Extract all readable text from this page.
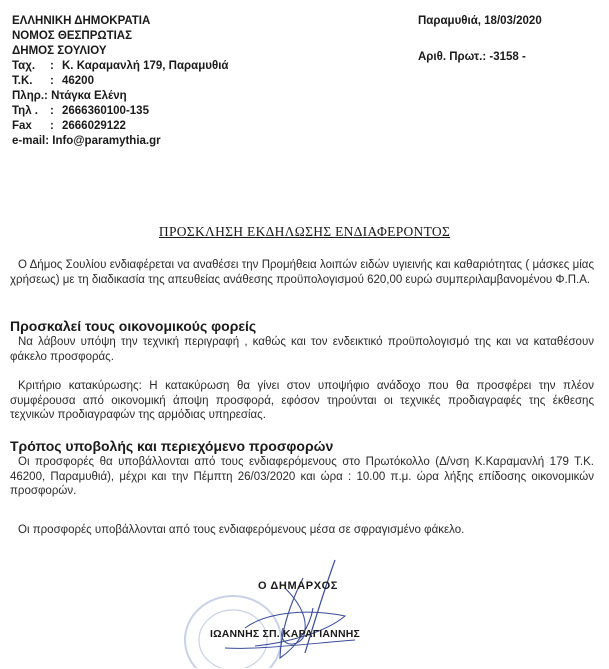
ΕΛΛΗΝΙΚΗ ΔΗΜΟΚΡΑΤΙΑ
ΝΟΜΟΣ ΘΕΣΠΡΩΤΙΑΣ
ΔΗΜΟΣ ΣΟΥΛΙΟΥ
Ταχ. : Κ. Καραμανλή 179, Παραμυθιά
Τ.Κ. : 46200
Πληρ.: Ντάγκα Ελένη
Τηλ . : 2666360100-135
Fax : 2666029122
e-mail: Info@paramythia.gr
Παραμυθιά, 18/03/2020
Αριθ. Πρωτ.: -3158 -
ΠΡΟΣΚΛΗΣΗ ΕΚΔΗΛΩΣΗΣ ΕΝΔΙΑΦΕΡΟΝΤΟΣ
Ο Δήμος Σουλίου ενδιαφέρεται να αναθέσει την Προμήθεια λοιπών ειδών υγιεινής και καθαριότητας ( μάσκες μίας χρήσεως) με τη διαδικασία της απευθείας ανάθεσης προϋπολογισμού 620,00 ευρώ συμπεριλαμβανομένου Φ.Π.Α.
Προσκαλεί τους οικονομικούς φορείς
Να λάβουν υπόψη την τεχνική περιγραφή , καθώς και τον ενδεικτικό προϋπολογισμό της και να καταθέσουν φάκελο προσφοράς.
Κριτήριο κατακύρωσης: Η κατακύρωση θα γίνει στον υποψήφιο ανάδοχο που θα προσφέρει την πλέον συμφέρουσα από οικονομική άποψη προσφορά, εφόσον τηρούνται οι τεχνικές προδιαγραφές της έκθεσης τεχνικών προδιαγραφών της αρμόδιας υπηρεσίας.
Τρόπος υποβολής και περιεχόμενο προσφορών
Οι προσφορές θα υποβάλλονται από τους ενδιαφερόμενους στο Πρωτόκολλο (Δ/νση Κ.Καραμανλή 179 Τ.Κ. 46200, Παραμυθιά), μέχρι και την Πέμπτη 26/03/2020 και ώρα : 10.00 π.μ. ώρα λήξης επίδοσης οικονομικών προσφορών.
Οι προσφορές υποβάλλονται από τους ενδιαφερόμενους μέσα σε σφραγισμένο φάκελο.
Ο ΔΗΜΑΡΧΟΣ
ΙΩΑΝΝΗΣ ΣΠ. ΚΑΡΑΓΙΑΝΝΗΣ
